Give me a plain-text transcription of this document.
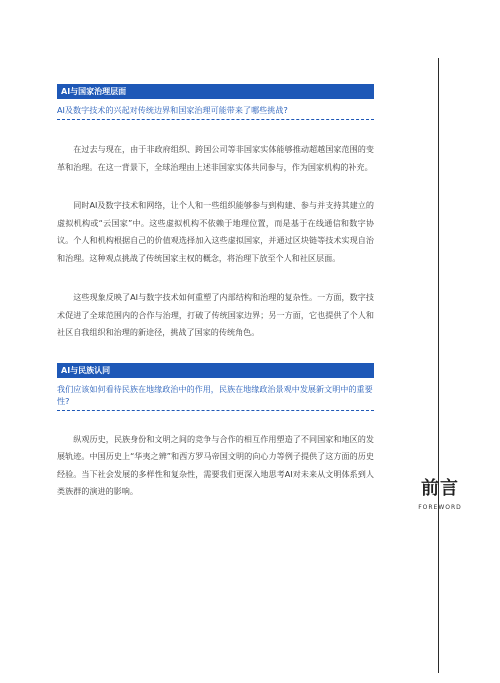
AI与国家治理层面
AI及数字技术的兴起对传统边界和国家治理可能带来了哪些挑战?

在过去与现在，由于非政府组织、跨国公司等非国家实体能够推动超越国家范围的变革和治理。在这一背景下，全球治理由上述非国家实体共同参与，作为国家机构的补充。

同时AI及数字技术和网络，让个人和一些组织能够参与到构建、参与并支持其建立的虚拟机构或“云国家”中。这些虚拟机构不依赖于地理位置，而是基于在线通信和数字协议。个人和机构根据自己的价值观选择加入这些虚拟国家，并通过区块链等技术实现自治和治理。这种观点挑战了传统国家主权的概念，将治理下放至个人和社区层面。

这些现象反映了AI与数字技术如何重塑了内部结构和治理的复杂性。一方面，数字技术促进了全球范围内的合作与治理，打破了传统国家边界；另一方面，它也提供了个人和社区自我组织和治理的新途径，挑战了国家的传统角色。

AI与民族认同
我们应该如何看待民族在地缘政治中的作用，民族在地缘政治景观中发展新文明中的重要性?

纵观历史，民族身份和文明之间的竞争与合作的相互作用塑造了不同国家和地区的发展轨迹。中国历史上“华夷之辨”和西方罗马帝国文明的向心力等例子提供了这方面的历史经验。当下社会发展的多样性和复杂性，需要我们更深入地思考AI对未来从文明体系到人类族群的演进的影响。	前言
FOREWORD
